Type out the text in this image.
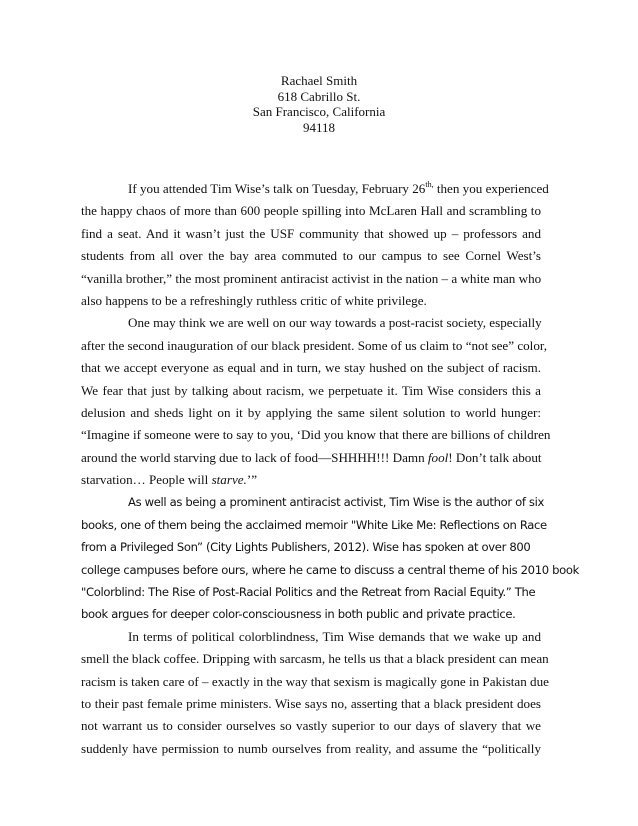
Rachael Smith
618 Cabrillo St.
San Francisco, California
94118
If you attended Tim Wise’s talk on Tuesday, February $26^{th,}$ then you experienced
the happy chaos of more than 600 people spilling into McLaren Hall and scrambling to
find a seat. And it wasn’t just the USF community that showed up – professors and
students from all over the bay area commuted to our campus to see Cornel West’s
“vanilla brother,” the most prominent antiracist activist in the nation – a white man who
also happens to be a refreshingly ruthless critic of white privilege.
One may think we are well on our way towards a post-racist society, especially
after the second inauguration of our black president. Some of us claim to “not see” color,
that we accept everyone as equal and in turn, we stay hushed on the subject of racism.
We fear that just by talking about racism, we perpetuate it. Tim Wise considers this a
delusion and sheds light on it by applying the same silent solution to world hunger:
“Imagine if someone were to say to you, ‘Did you know that there are billions of children
around the world starving due to lack of food—SHHHH!!! Damn fool! Don’t talk about
starvation… People will starve.’”
As well as being a prominent antiracist activist, Tim Wise is the author of six
books, one of them being the acclaimed memoir "White Like Me: Reflections on Race
from a Privileged Son” (City Lights Publishers, 2012). Wise has spoken at over 800
college campuses before ours, where he came to discuss a central theme of his 2010 book
"Colorblind: The Rise of Post-Racial Politics and the Retreat from Racial Equity.” The
book argues for deeper color-consciousness in both public and private practice.
In terms of political colorblindness, Tim Wise demands that we wake up and
smell the black coffee. Dripping with sarcasm, he tells us that a black president can mean
racism is taken care of – exactly in the way that sexism is magically gone in Pakistan due
to their past female prime ministers. Wise says no, asserting that a black president does
not warrant us to consider ourselves so vastly superior to our days of slavery that we
suddenly have permission to numb ourselves from reality, and assume the “politically
